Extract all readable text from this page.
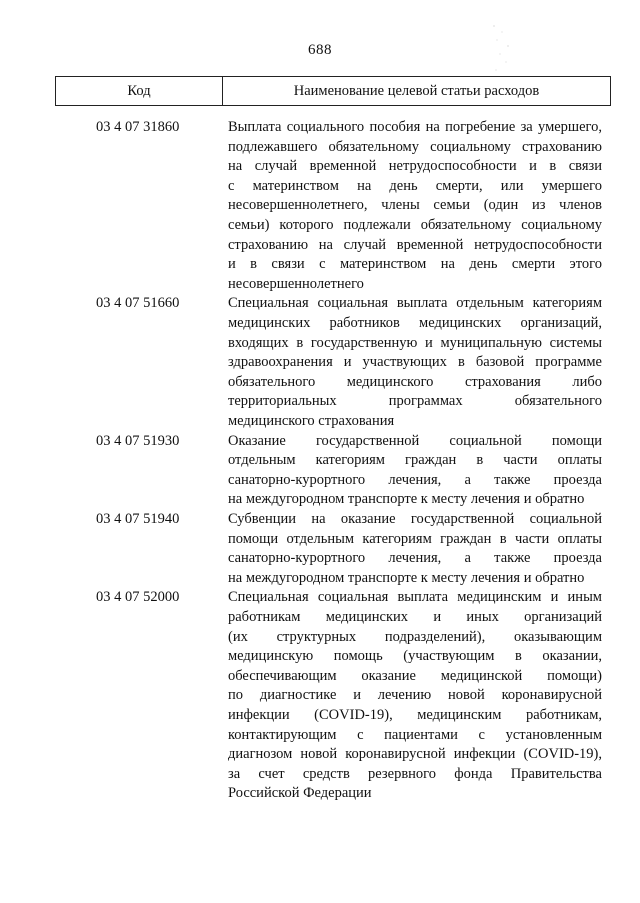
688
Код	Наименование целевой статьи расходов
03 4 07 31860	Выплата социального пособия на погребение за умершего,
подлежавшего обязательному социальному страхованию
на случай временной нетрудоспособности и в связи
с материнством на день смерти, или умершего
несовершеннолетнего, члены семьи (один из членов
семьи) которого подлежали обязательному социальному
страхованию на случай временной нетрудоспособности
и в связи с материнством на день смерти этого
несовершеннолетнего
03 4 07 51660	Специальная социальная выплата отдельным категориям
медицинских работников медицинских организаций,
входящих в государственную и муниципальную системы
здравоохранения и участвующих в базовой программе
обязательного медицинского страхования либо
территориальных программах обязательного
медицинского страхования
03 4 07 51930	Оказание государственной социальной помощи
отдельным категориям граждан в части оплаты
санаторно-курортного лечения, а также проезда
на междугородном транспорте к месту лечения и обратно
03 4 07 51940	Субвенции на оказание государственной социальной
помощи отдельным категориям граждан в части оплаты
санаторно-курортного лечения, а также проезда
на междугородном транспорте к месту лечения и обратно
03 4 07 52000	Специальная социальная выплата медицинским и иным
работникам медицинских и иных организаций
(их структурных подразделений), оказывающим
медицинскую помощь (участвующим в оказании,
обеспечивающим оказание медицинской помощи)
по диагностике и лечению новой коронавирусной
инфекции (COVID-19), медицинским работникам,
контактирующим с пациентами с установленным
диагнозом новой коронавирусной инфекции (COVID-19),
за счет средств резервного фонда Правительства
Российской Федерации
